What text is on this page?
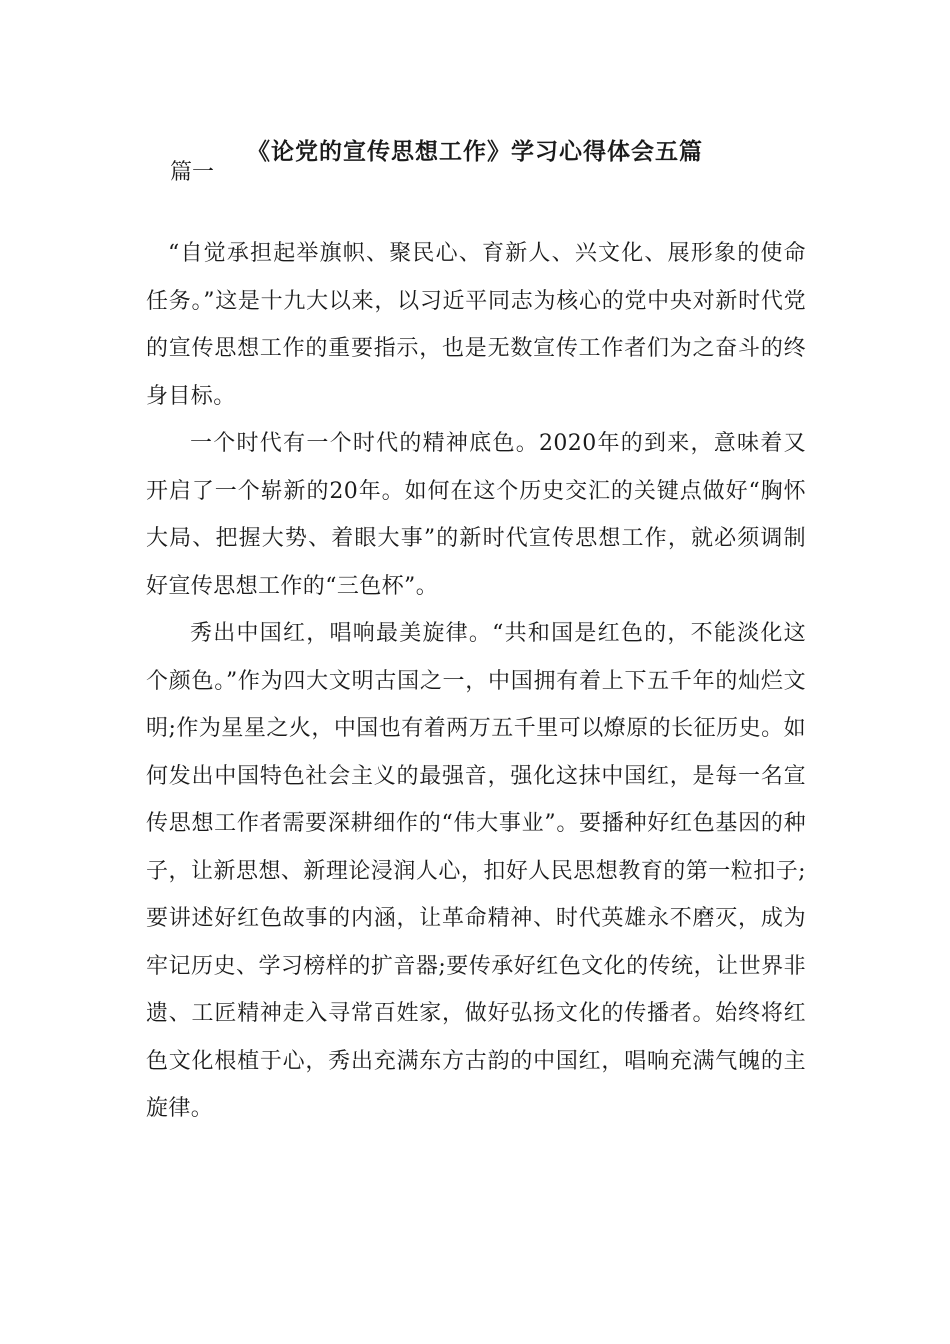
《论党的宣传思想工作》学习心得体会五篇
篇一

“自觉承担起举旗帜、聚民心、育新人、兴文化、展形象的使命任务。”这是十九大以来，以习近平同志为核心的党中央对新时代党的宣传思想工作的重要指示，也是无数宣传工作者们为之奋斗的终身目标。

一个时代有一个时代的精神底色。2020年的到来，意味着又开启了一个崭新的20年。如何在这个历史交汇的关键点做好“胸怀大局、把握大势、着眼大事”的新时代宣传思想工作，就必须调制好宣传思想工作的“三色杯”。

秀出中国红，唱响最美旋律。“共和国是红色的，不能淡化这个颜色。”作为四大文明古国之一，中国拥有着上下五千年的灿烂文明;作为星星之火，中国也有着两万五千里可以燎原的长征历史。如何发出中国特色社会主义的最强音，强化这抹中国红，是每一名宣传思想工作者需要深耕细作的“伟大事业”。要播种好红色基因的种子，让新思想、新理论浸润人心，扣好人民思想教育的第一粒扣子;要讲述好红色故事的内涵，让革命精神、时代英雄永不磨灭，成为牢记历史、学习榜样的扩音器;要传承好红色文化的传统，让世界非遗、工匠精神走入寻常百姓家，做好弘扬文化的传播者。始终将红色文化根植于心，秀出充满东方古韵的中国红，唱响充满气魄的主旋律。
